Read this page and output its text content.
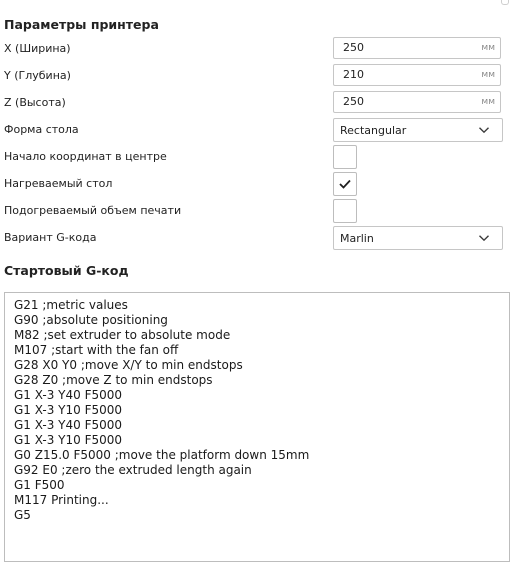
Параметры принтера
X (Ширина)	250	мм
Y (Глубина)	210	мм
Z (Высота)	250	мм
Форма стола	Rectangular
Начало координат в центре
Нагреваемый стол
Подогреваемый объем печати
Вариант G-кода	Marlin
Стартовый G-код
G21 ;metric values
G90 ;absolute positioning
M82 ;set extruder to absolute mode
M107 ;start with the fan off
G28 X0 Y0 ;move X/Y to min endstops
G28 Z0 ;move Z to min endstops
G1 X-3 Y40 F5000
G1 X-3 Y10 F5000
G1 X-3 Y40 F5000
G1 X-3 Y10 F5000
G0 Z15.0 F5000 ;move the platform down 15mm
G92 E0 ;zero the extruded length again
G1 F500
M117 Printing...
G5
